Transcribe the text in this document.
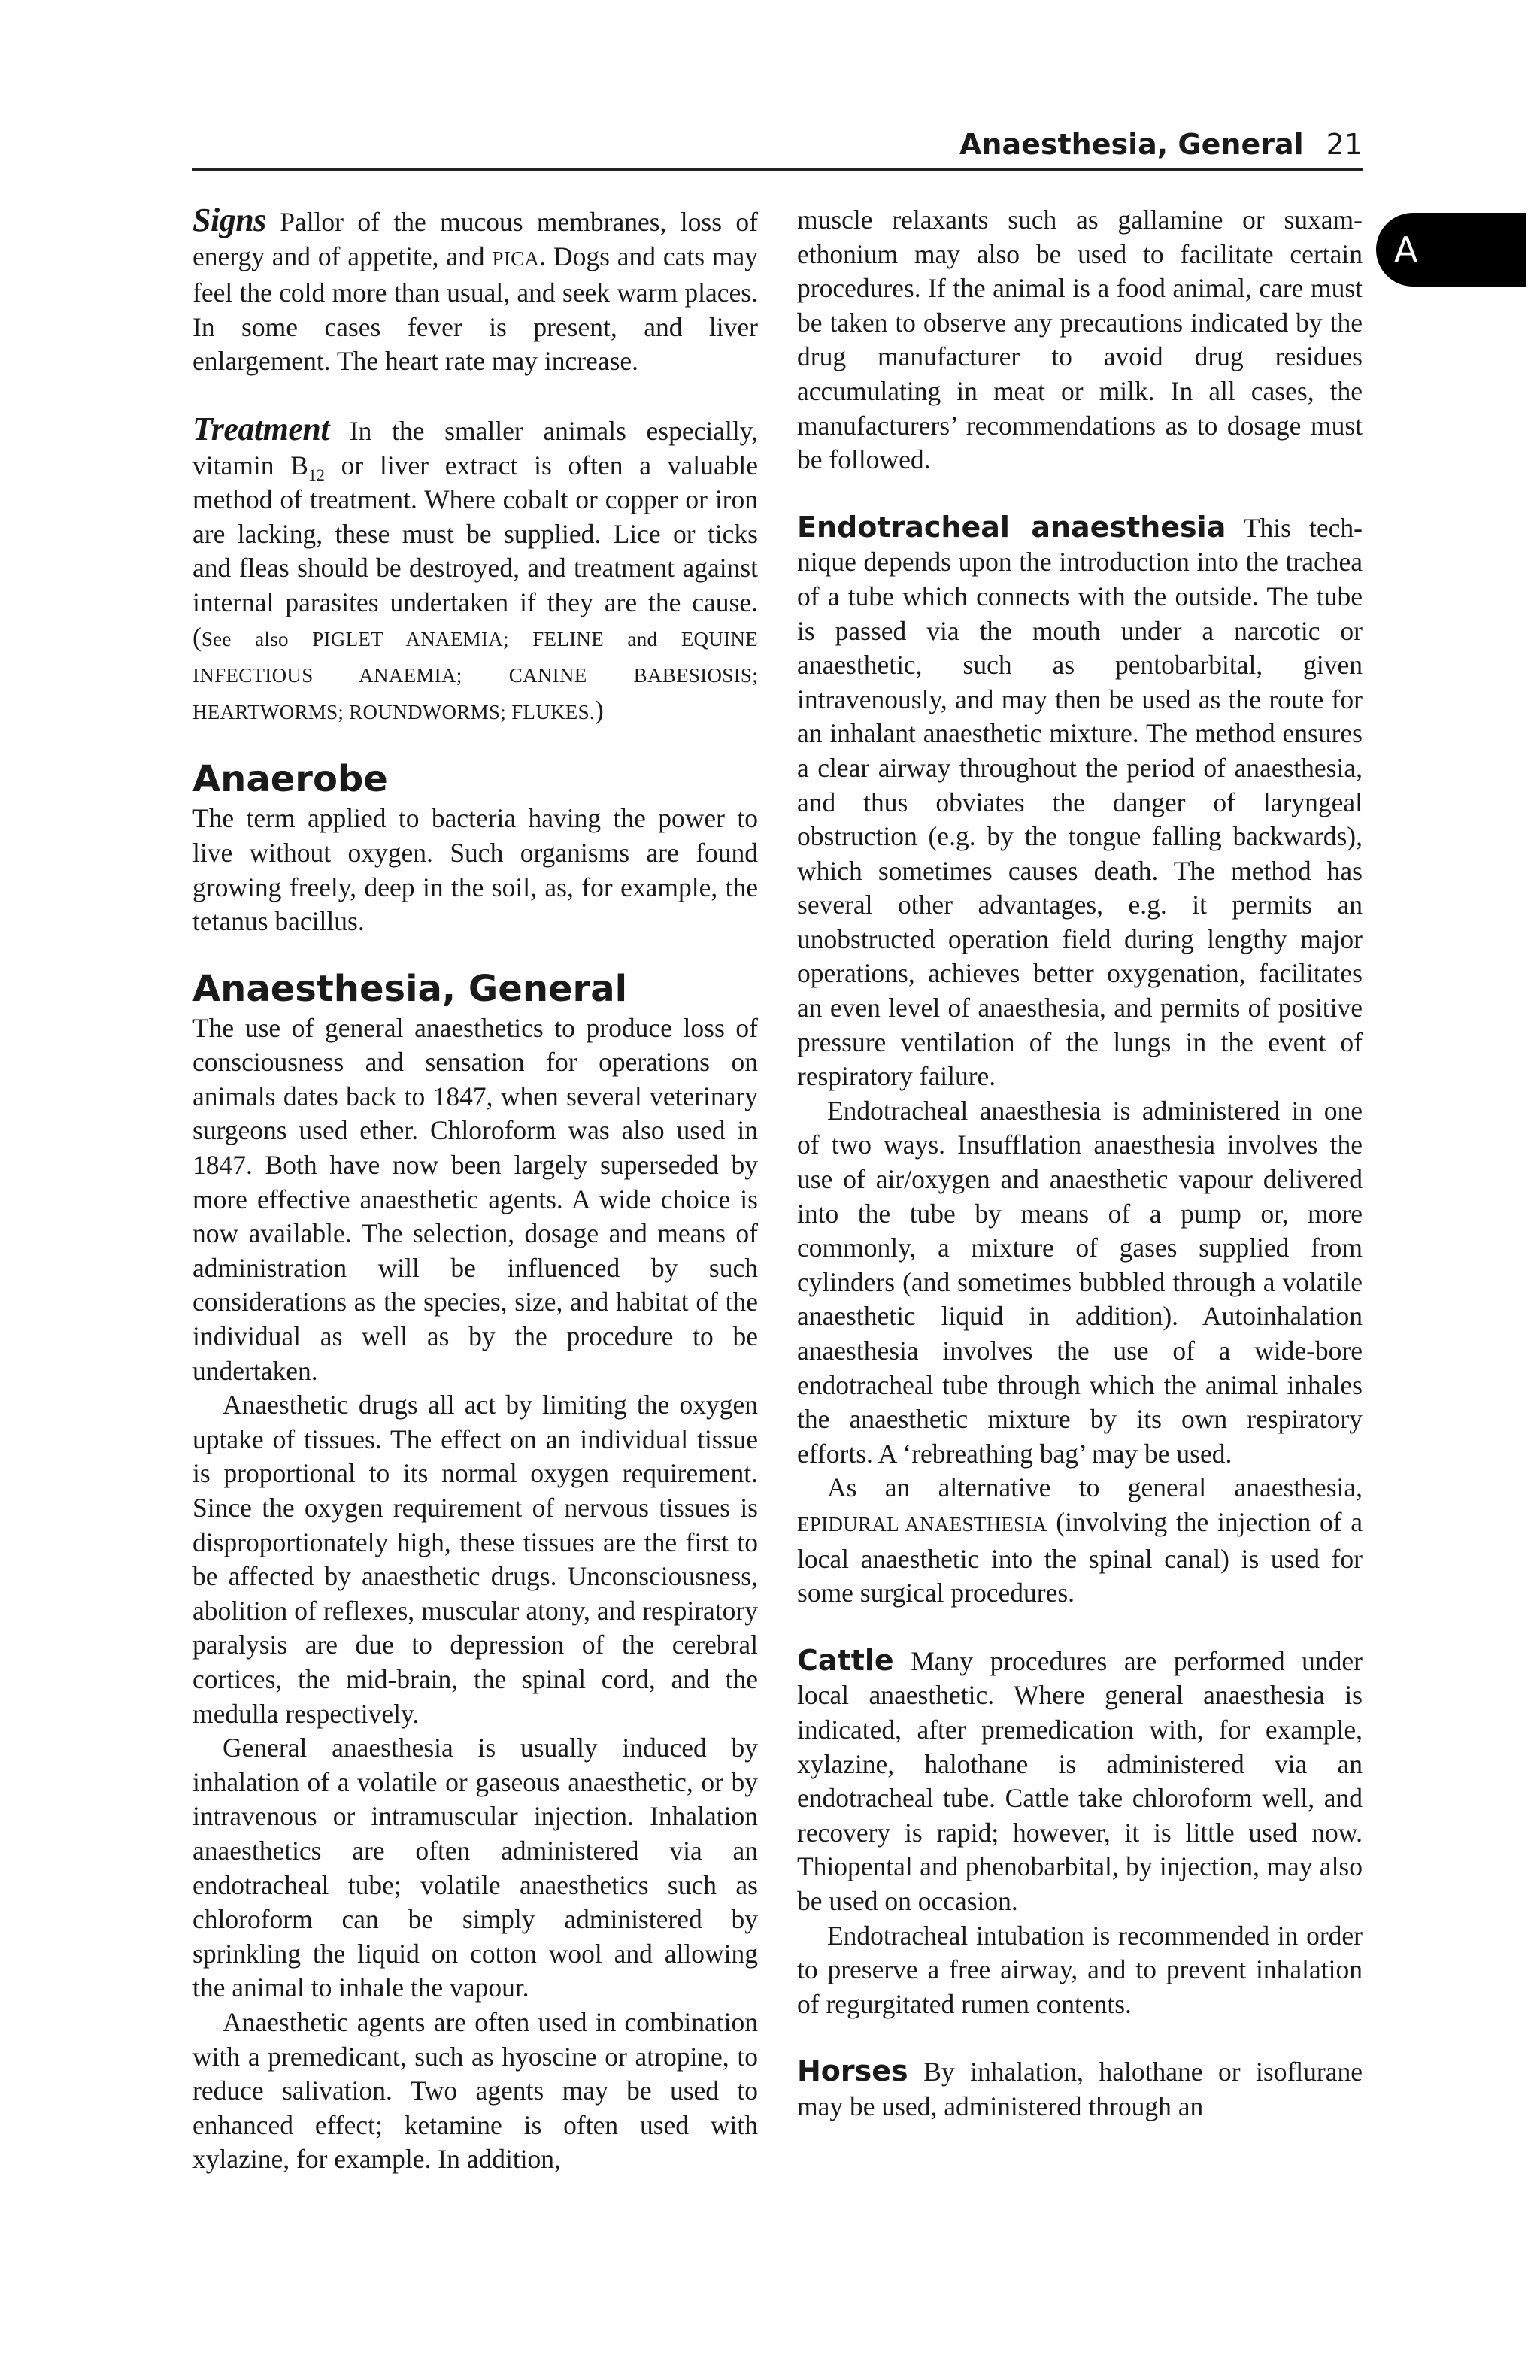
Anaesthesia, General 21
A

Signs Pallor of the mucous membranes, loss of energy and of appetite, and PICA. Dogs and cats may feel the cold more than usual, and seek warm places. In some cases fever is present, and liver enlargement. The heart rate may increase.

Treatment In the smaller animals especially, vitamin $B_{12}$ or liver extract is often a valuable method of treatment. Where cobalt or copper or iron are lacking, these must be supplied. Lice or ticks and fleas should be destroyed, and treatment against internal parasites undertaken if they are the cause. (See also PIGLET ANAEMIA; FELINE and EQUINE INFECTIOUS ANAEMIA; CANINE BABESIOSIS; HEARTWORMS; ROUNDWORMS; FLUKES.)

Anaerobe

The term applied to bacteria having the power to live without oxygen. Such organisms are found growing freely, deep in the soil, as, for example, the tetanus bacillus.

Anaesthesia, General

The use of general anaesthetics to produce loss of consciousness and sensation for operations on animals dates back to 1847, when several veterinary surgeons used ether. Chloroform was also used in 1847. Both have now been largely superseded by more effective anaesthetic agents. A wide choice is now available. The selection, dosage and means of administration will be influenced by such considerations as the species, size, and habitat of the individual as well as by the procedure to be undertaken.

Anaesthetic drugs all act by limiting the oxygen uptake of tissues. The effect on an individual tissue is proportional to its normal oxygen requirement. Since the oxygen requirement of nervous tissues is disproportionately high, these tissues are the first to be affected by anaesthetic drugs. Unconsciousness, abolition of reflexes, muscular atony, and respiratory paralysis are due to depression of the cerebral cortices, the mid-brain, the spinal cord, and the medulla respectively.

General anaesthesia is usually induced by inhalation of a volatile or gaseous anaesthetic, or by intravenous or intramuscular injection. Inhalation anaesthetics are often administered via an endotracheal tube; volatile anaesthetics such as chloroform can be simply administered by sprinkling the liquid on cotton wool and allowing the animal to inhale the vapour.

Anaesthetic agents are often used in combination with a premedicant, such as hyoscine or atropine, to reduce salivation. Two agents may be used to enhanced effect; ketamine is often used with xylazine, for example. In addition,

muscle relaxants such as gallamine or suxamethonium may also be used to facilitate certain procedures. If the animal is a food animal, care must be taken to observe any precautions indicated by the drug manufacturer to avoid drug residues accumulating in meat or milk. In all cases, the manufacturers’ recommendations as to dosage must be followed.

Endotracheal anaesthesia This technique depends upon the introduction into the trachea of a tube which connects with the outside. The tube is passed via the mouth under a narcotic or anaesthetic, such as pentobarbital, given intravenously, and may then be used as the route for an inhalant anaesthetic mixture. The method ensures a clear airway throughout the period of anaesthesia, and thus obviates the danger of laryngeal obstruction (e.g. by the tongue falling backwards), which sometimes causes death. The method has several other advantages, e.g. it permits an unobstructed operation field during lengthy major operations, achieves better oxygenation, facilitates an even level of anaesthesia, and permits of positive pressure ventilation of the lungs in the event of respiratory failure.

Endotracheal anaesthesia is administered in one of two ways. Insufflation anaesthesia involves the use of air/oxygen and anaesthetic vapour delivered into the tube by means of a pump or, more commonly, a mixture of gases supplied from cylinders (and sometimes bubbled through a volatile anaesthetic liquid in addition). Autoinhalation anaesthesia involves the use of a wide-bore endotracheal tube through which the animal inhales the anaesthetic mixture by its own respiratory efforts. A ‘rebreathing bag’ may be used.

As an alternative to general anaesthesia, EPIDURAL ANAESTHESIA (involving the injection of a local anaesthetic into the spinal canal) is used for some surgical procedures.

Cattle Many procedures are performed under local anaesthetic. Where general anaesthesia is indicated, after premedication with, for example, xylazine, halothane is administered via an endotracheal tube. Cattle take chloroform well, and recovery is rapid; however, it is little used now. Thiopental and phenobarbital, by injection, may also be used on occasion.

Endotracheal intubation is recommended in order to preserve a free airway, and to prevent inhalation of regurgitated rumen contents.

Horses By inhalation, halothane or isoflurane may be used, administered through an
